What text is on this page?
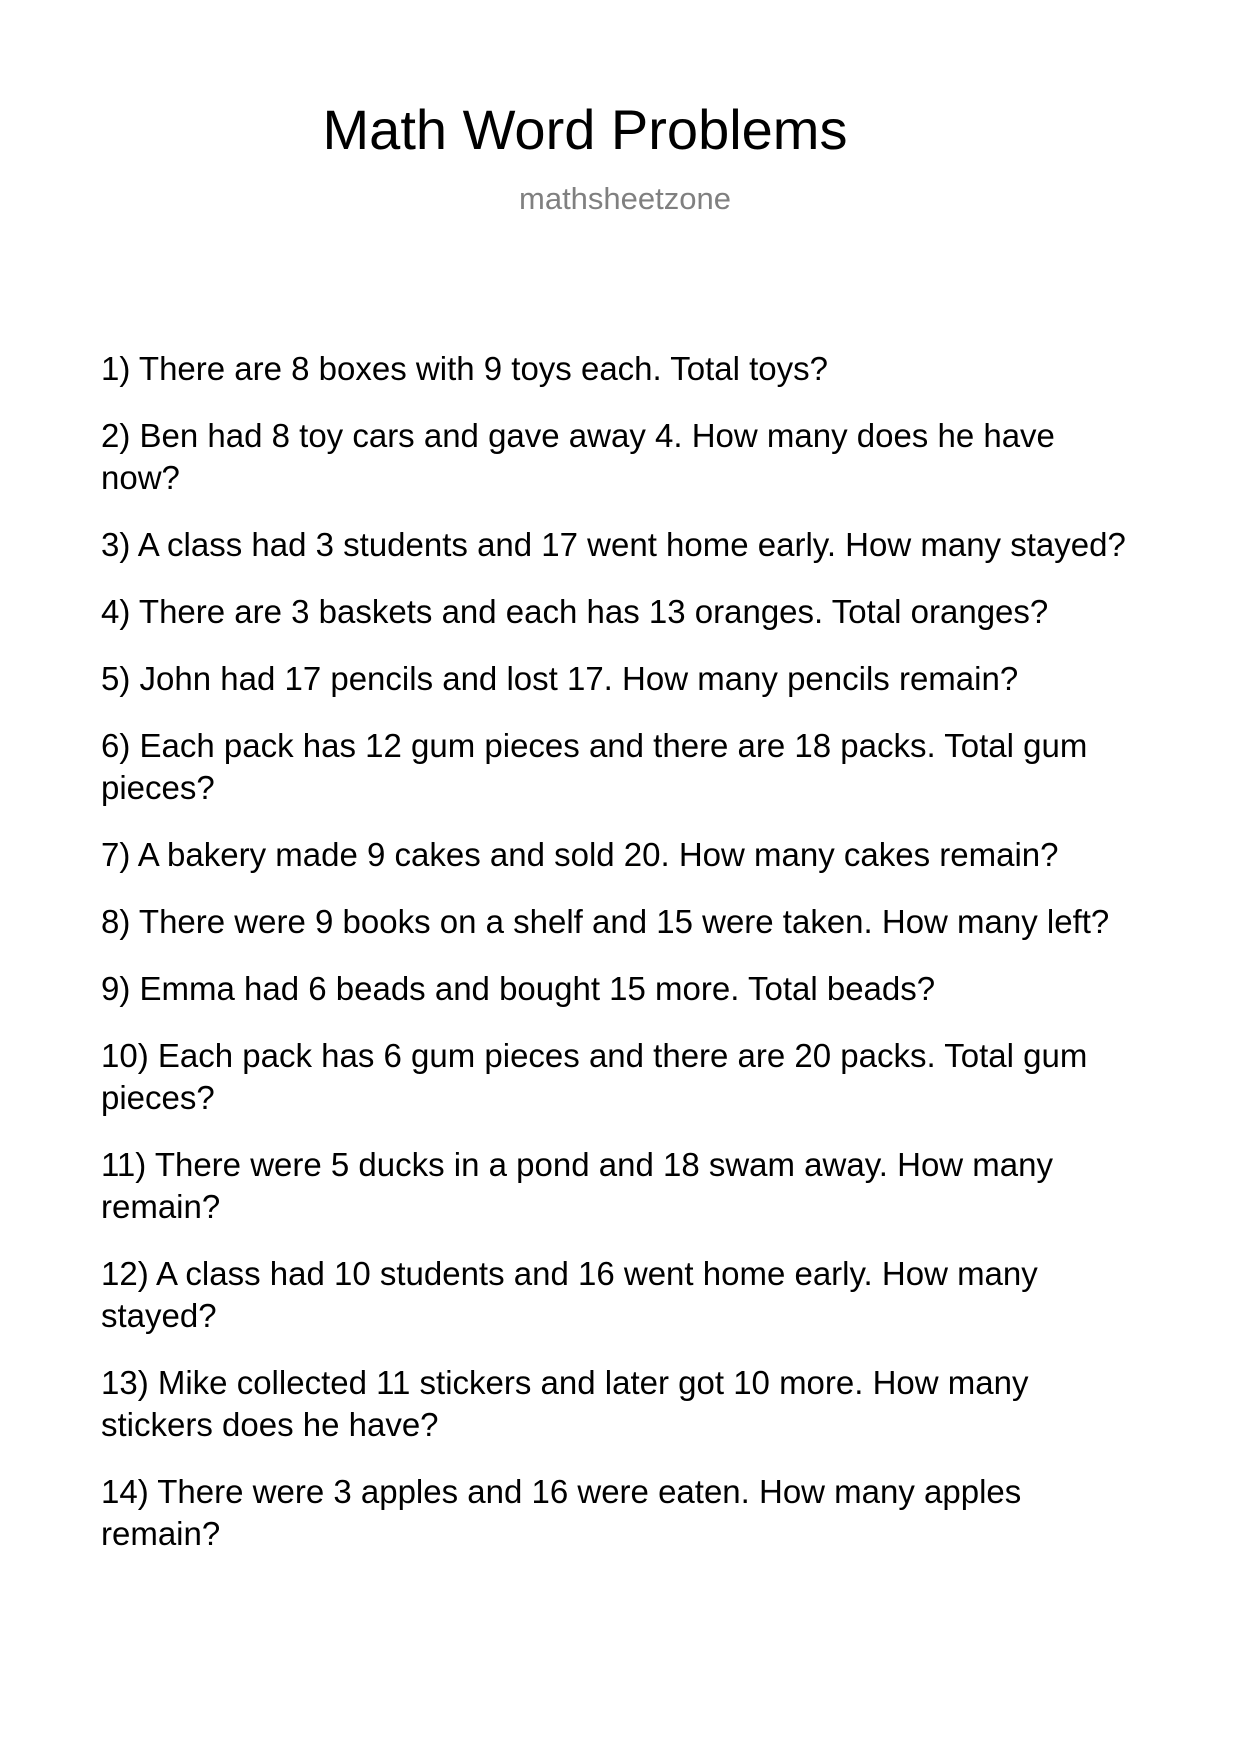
Math Word Problems
mathsheetzone
1) There are 8 boxes with 9 toys each. Total toys?
2) Ben had 8 toy cars and gave away 4. How many does he have now?
3) A class had 3 students and 17 went home early. How many stayed?
4) There are 3 baskets and each has 13 oranges. Total oranges?
5) John had 17 pencils and lost 17. How many pencils remain?
6) Each pack has 12 gum pieces and there are 18 packs. Total gum pieces?
7) A bakery made 9 cakes and sold 20. How many cakes remain?
8) There were 9 books on a shelf and 15 were taken. How many left?
9) Emma had 6 beads and bought 15 more. Total beads?
10) Each pack has 6 gum pieces and there are 20 packs. Total gum pieces?
11) There were 5 ducks in a pond and 18 swam away. How many remain?
12) A class had 10 students and 16 went home early. How many stayed?
13) Mike collected 11 stickers and later got 10 more. How many stickers does he have?
14) There were 3 apples and 16 were eaten. How many apples remain?
